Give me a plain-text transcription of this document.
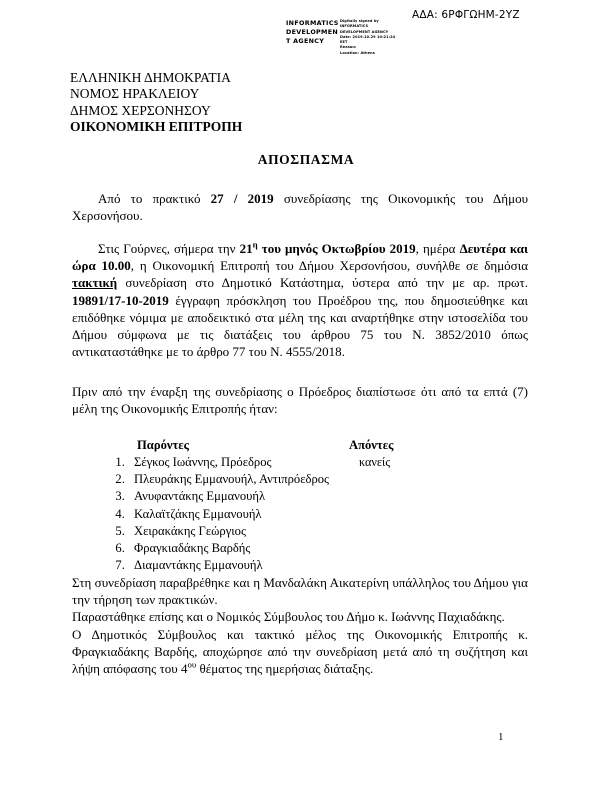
ΑΔΑ: 6ΡΦΓΩΗΜ-2ΥΖ
INFORMATICS
DEVELOPMEN
T AGENCY
Digitally signed by
INFORMATICS
DEVELOPMENT AGENCY
Date: 2019.10.29 10:21:24
EET
Reason:
Location: Athens
ΕΛΛΗΝΙΚΗ ΔΗΜΟΚΡΑΤΙΑ
ΝΟΜΟΣ ΗΡΑΚΛΕΙΟΥ
ΔΗΜΟΣ ΧΕΡΣΟΝΗΣΟΥ
ΟΙΚΟΝΟΜΙΚΗ ΕΠΙΤΡΟΠΗ
ΑΠΟΣΠΑΣΜΑ

Από το πρακτικό 27 / 2019 συνεδρίασης της Οικονομικής του Δήμου Χερσονήσου.

Στις Γούρνες, σήμερα την $21^\eta$ του μηνός Οκτωβρίου 2019, ημέρα Δευτέρα και ώρα 10.00, η Οικονομική Επιτροπή του Δήμου Χερσονήσου, συνήλθε σε δημόσια τακτική συνεδρίαση στο Δημοτικό Κατάστημα, ύστερα από την με αρ. πρωτ. 19891/17-10-2019 έγγραφη πρόσκληση του Προέδρου της, που δημοσιεύθηκε και επιδόθηκε νόμιμα με αποδεικτικό στα μέλη της και αναρτήθηκε στην ιστοσελίδα του Δήμου σύμφωνα με τις διατάξεις του άρθρου 75 του Ν. 3852/2010 όπως αντικαταστάθηκε με το άρθρο 77 του Ν. 4555/2018.

Πριν από την έναρξη της συνεδρίασης ο Πρόεδρος διαπίστωσε ότι από τα επτά (7) μέλη της Οικονομικής Επιτροπής ήταν:

Παρόντες	Απόντες
1. Σέγκος Ιωάννης, Πρόεδρος
2. Πλευράκης Εμμανουήλ, Αντιπρόεδρος
3. Ανυφαντάκης Εμμανουήλ
4. Καλαϊτζάκης Εμμανουήλ
5. Χειρακάκης Γεώργιος
6. Φραγκιαδάκης Βαρδής
7. Διαμαντάκης Εμμανουήλ
κανείς

Στη συνεδρίαση παραβρέθηκε και η Μανδαλάκη Αικατερίνη υπάλληλος του Δήμου για την τήρηση των πρακτικών.

Παραστάθηκε επίσης και ο Νομικός Σύμβουλος του Δήμο κ. Ιωάννης Παχιαδάκης.

Ο Δημοτικός Σύμβουλος και τακτικό μέλος της Οικονομικής Επιτροπής κ. Φραγκιαδάκης Βαρδής, αποχώρησε από την συνεδρίαση μετά από τη συζήτηση και λήψη απόφασης του $4^{o\upsilon}$ θέματος της ημερήσιας διάταξης.

1
